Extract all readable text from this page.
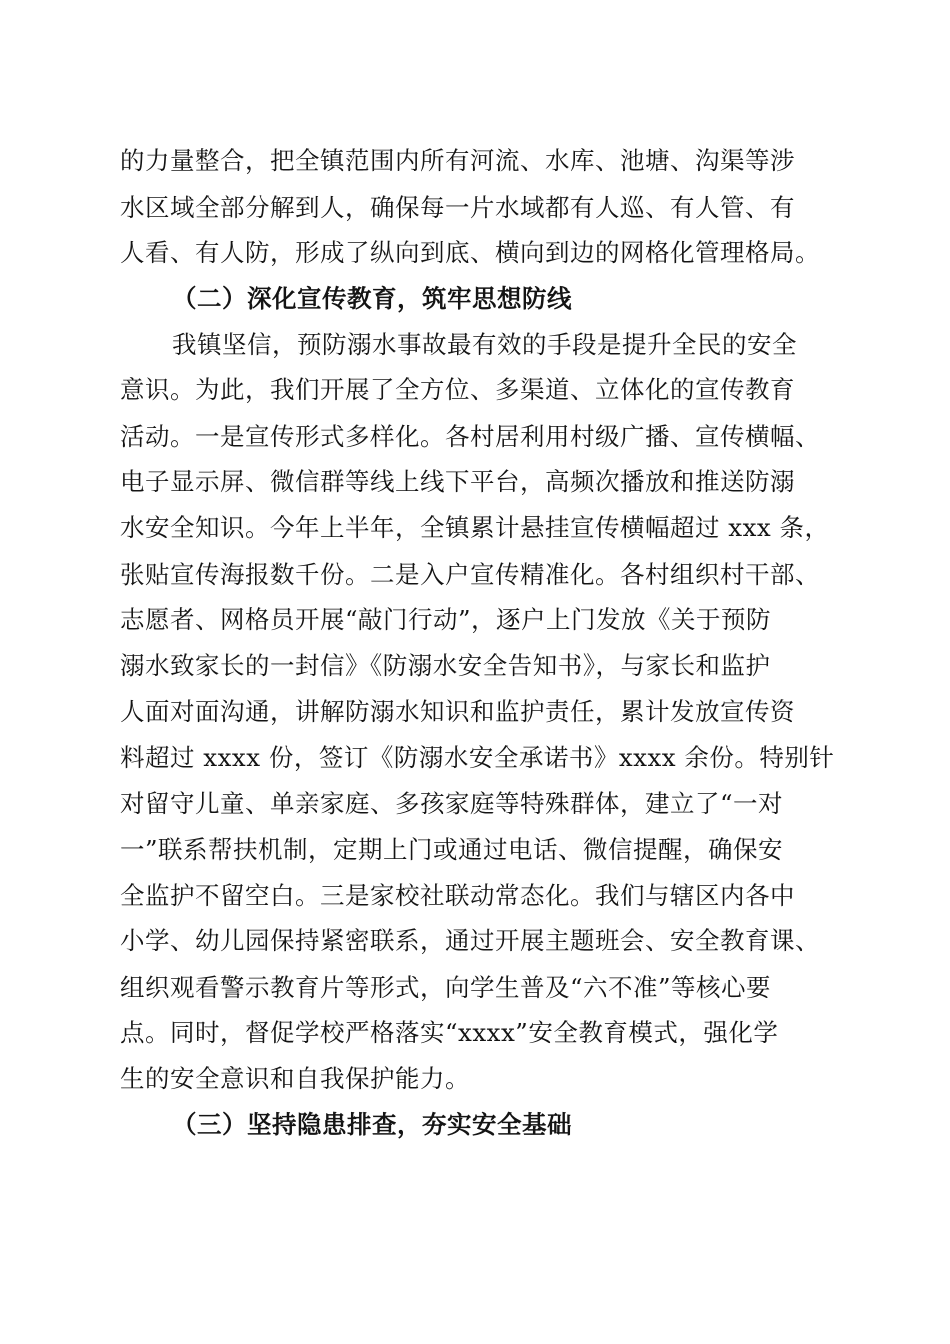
的力量整合，把全镇范围内所有河流、水库、池塘、沟渠等涉
水区域全部分解到人，确保每一片水域都有人巡、有人管、有
人看、有人防，形成了纵向到底、横向到边的网格化管理格局。
（二）深化宣传教育，筑牢思想防线
我镇坚信，预防溺水事故最有效的手段是提升全民的安全
意识。为此，我们开展了全方位、多渠道、立体化的宣传教育
活动。一是宣传形式多样化。各村居利用村级广播、宣传横幅、
电子显示屏、微信群等线上线下平台，高频次播放和推送防溺
水安全知识。今年上半年，全镇累计悬挂宣传横幅超过 xxx 条，
张贴宣传海报数千份。二是入户宣传精准化。各村组织村干部、
志愿者、网格员开展“敲门行动”，逐户上门发放《关于预防
溺水致家长的一封信》《防溺水安全告知书》，与家长和监护
人面对面沟通，讲解防溺水知识和监护责任，累计发放宣传资
料超过 xxxx 份，签订《防溺水安全承诺书》xxxx 余份。特别针
对留守儿童、单亲家庭、多孩家庭等特殊群体，建立了“一对
一”联系帮扶机制，定期上门或通过电话、微信提醒，确保安
全监护不留空白。三是家校社联动常态化。我们与辖区内各中
小学、幼儿园保持紧密联系，通过开展主题班会、安全教育课、
组织观看警示教育片等形式，向学生普及“六不准”等核心要
点。同时，督促学校严格落实“xxxx”安全教育模式，强化学
生的安全意识和自我保护能力。
（三）坚持隐患排查，夯实安全基础
